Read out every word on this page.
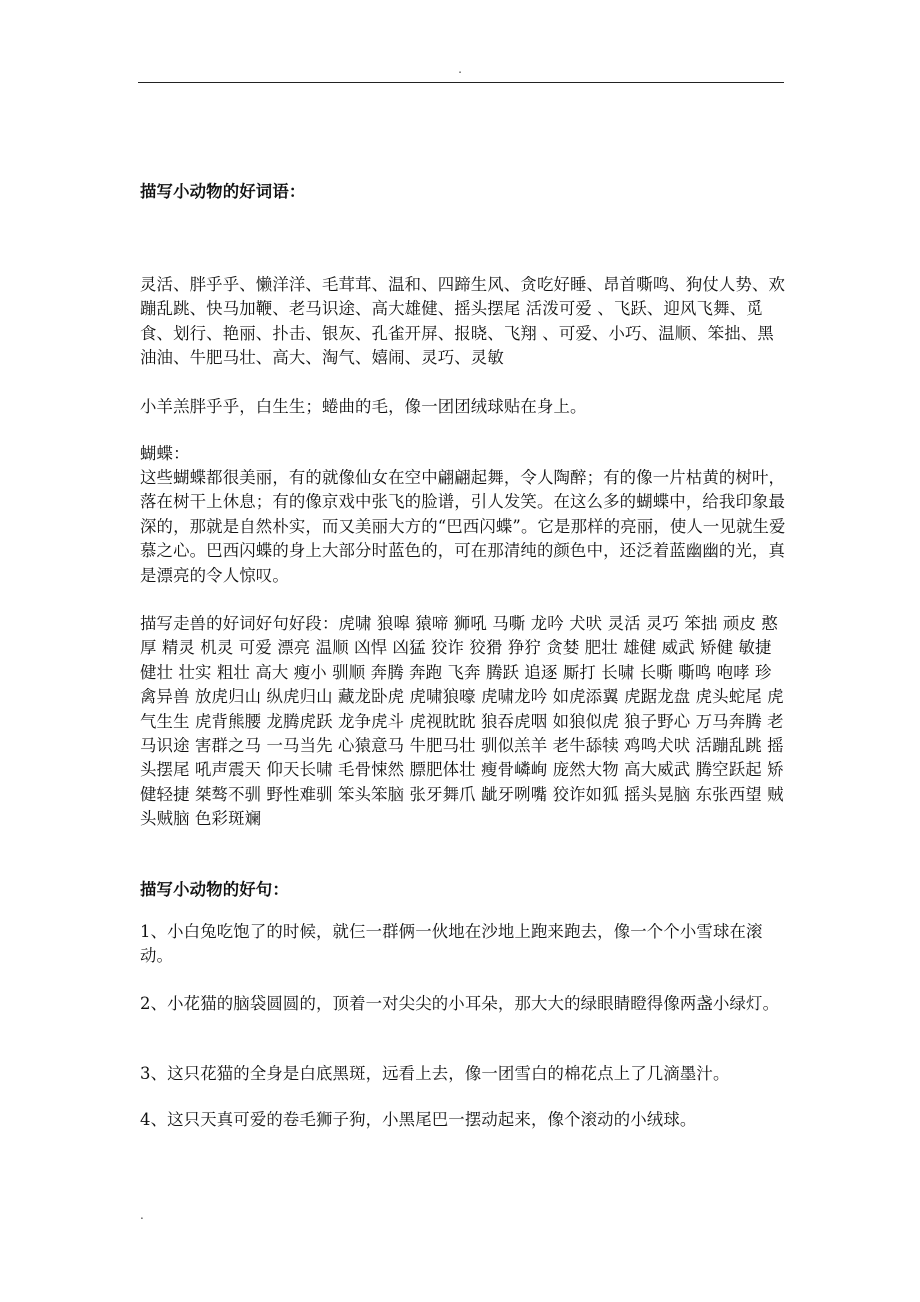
.

描写小动物的好词语：

灵活、胖乎乎、懒洋洋、毛茸茸、温和、四蹄生风、贪吃好睡、昂首嘶鸣、狗仗人势、欢蹦乱跳、快马加鞭、老马识途、高大雄健、摇头摆尾 活泼可爱 、飞跃、迎风飞舞、觅食、划行、艳丽、扑击、银灰、孔雀开屏、报晓、飞翔 、可爱、小巧、温顺、笨拙、黑油油、牛肥马壮、高大、淘气、嬉闹、灵巧、灵敏

小羊羔胖乎乎，白生生；蜷曲的毛，像一团团绒球贴在身上。

蝴蝶：

这些蝴蝶都很美丽，有的就像仙女在空中翩翩起舞，令人陶醉；有的像一片枯黄的树叶，落在树干上休息；有的像京戏中张飞的脸谱，引人发笑。在这么多的蝴蝶中，给我印象最深的，那就是自然朴实，而又美丽大方的“巴西闪蝶”。它是那样的亮丽，使人一见就生爱慕之心。巴西闪蝶的身上大部分时蓝色的，可在那清纯的颜色中，还泛着蓝幽幽的光，真是漂亮的令人惊叹。

描写走兽的好词好句好段：虎啸 狼嗥 猿啼 狮吼 马嘶 龙吟 犬吠 灵活 灵巧 笨拙 顽皮 憨厚 精灵 机灵 可爱 漂亮 温顺 凶悍 凶猛 狡诈 狡猾 狰狞 贪婪 肥壮 雄健 威武 矫健 敏捷 健壮 壮实 粗壮 高大 瘦小 驯顺 奔腾 奔跑 飞奔 腾跃 追逐 厮打 长啸 长嘶 嘶鸣 咆哮 珍禽异兽 放虎归山 纵虎归山 藏龙卧虎 虎啸狼嚎 虎啸龙吟 如虎添翼 虎踞龙盘 虎头蛇尾 虎气生生 虎背熊腰 龙腾虎跃 龙争虎斗 虎视眈眈 狼吞虎咽 如狼似虎 狼子野心 万马奔腾 老马识途 害群之马 一马当先 心猿意马 牛肥马壮 驯似羔羊 老牛舔犊 鸡鸣犬吠 活蹦乱跳 摇头摆尾 吼声震天 仰天长啸 毛骨悚然 膘肥体壮 瘦骨嶙峋 庞然大物 高大威武 腾空跃起 矫健轻捷 桀骜不驯 野性难驯 笨头笨脑 张牙舞爪 龇牙咧嘴 狡诈如狐 摇头晃脑 东张西望 贼头贼脑 色彩斑斓

描写小动物的好句：

1、小白兔吃饱了的时候，就仨一群俩一伙地在沙地上跑来跑去，像一个个小雪球在滚动。

2、小花猫的脑袋圆圆的，顶着一对尖尖的小耳朵，那大大的绿眼睛瞪得像两盏小绿灯。

3、这只花猫的全身是白底黑斑，远看上去，像一团雪白的棉花点上了几滴墨汁。

4、这只天真可爱的卷毛狮子狗，小黑尾巴一摆动起来，像个滚动的小绒球。

.
